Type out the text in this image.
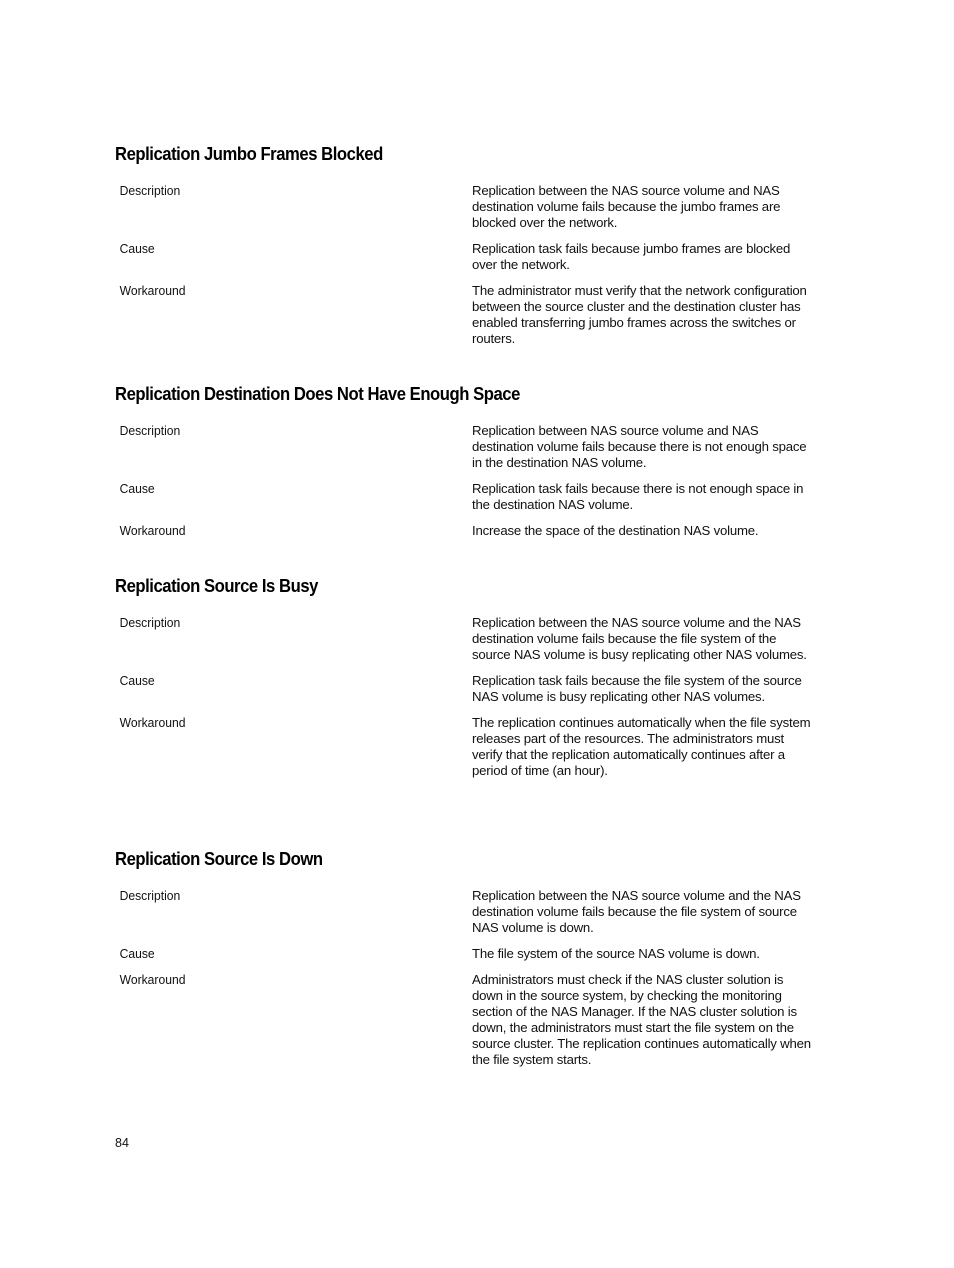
Replication Jumbo Frames Blocked
Description	Replication between the NAS source volume and NAS destination volume fails because the jumbo frames are blocked over the network.
Cause	Replication task fails because jumbo frames are blocked over the network.
Workaround	The administrator must verify that the network configuration between the source cluster and the destination cluster has enabled transferring jumbo frames across the switches or routers.
Replication Destination Does Not Have Enough Space
Description	Replication between NAS source volume and NAS destination volume fails because there is not enough space in the destination NAS volume.
Cause	Replication task fails because there is not enough space in the destination NAS volume.
Workaround	Increase the space of the destination NAS volume.
Replication Source Is Busy
Description	Replication between the NAS source volume and the NAS destination volume fails because the file system of the source NAS volume is busy replicating other NAS volumes.
Cause	Replication task fails because the file system of the source NAS volume is busy replicating other NAS volumes.
Workaround	The replication continues automatically when the file system releases part of the resources. The administrators must verify that the replication automatically continues after a period of time (an hour).
Replication Source Is Down
Description	Replication between the NAS source volume and the NAS destination volume fails because the file system of source NAS volume is down.
Cause	The file system of the source NAS volume is down.
Workaround	Administrators must check if the NAS cluster solution is down in the source system, by checking the monitoring section of the NAS Manager. If the NAS cluster solution is down, the administrators must start the file system on the source cluster. The replication continues automatically when the file system starts.
84
